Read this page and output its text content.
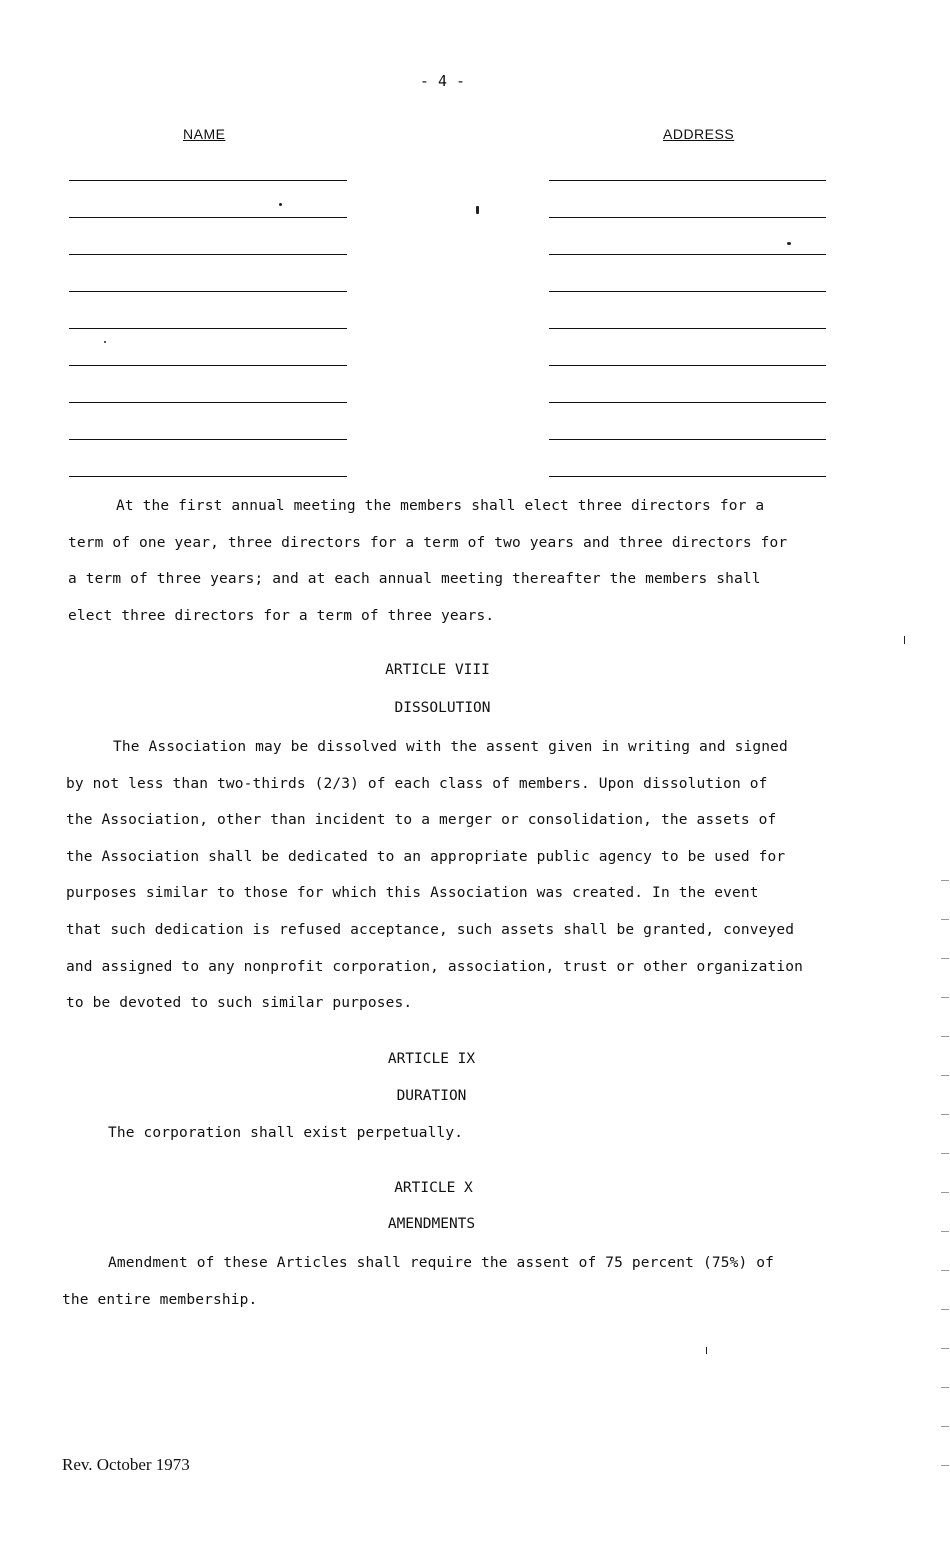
- 4 -
NAME	ADDRESS
At the first annual meeting the members shall elect three directors for a
term of one year, three directors for a term of two years and three directors for
a term of three years; and at each annual meeting thereafter the members shall
elect three directors for a term of three years.
ARTICLE VIII
DISSOLUTION
The Association may be dissolved with the assent given in writing and signed
by not less than two-thirds (2/3) of each class of members. Upon dissolution of
the Association, other than incident to a merger or consolidation, the assets of
the Association shall be dedicated to an appropriate public agency to be used for
purposes similar to those for which this Association was created. In the event
that such dedication is refused acceptance, such assets shall be granted, conveyed
and assigned to any nonprofit corporation, association, trust or other organization
to be devoted to such similar purposes.
ARTICLE IX
DURATION
The corporation shall exist perpetually.
ARTICLE X
AMENDMENTS
Amendment of these Articles shall require the assent of 75 percent (75%) of
the entire membership.
Rev. October 1973
